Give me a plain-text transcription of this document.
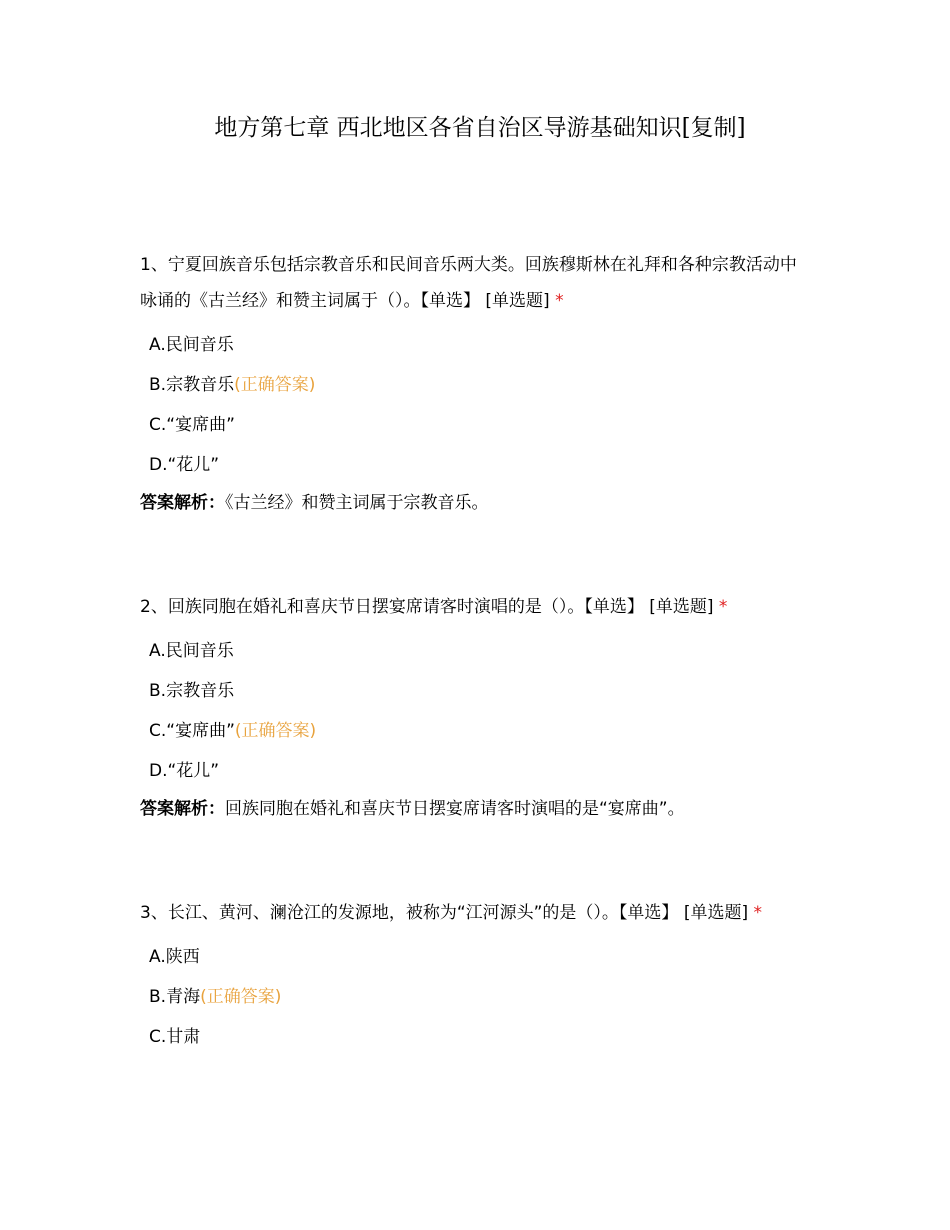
地方第七章 西北地区各省自治区导游基础知识[复制]

1、宁夏回族音乐包括宗教音乐和民间音乐两大类。回族穆斯林在礼拜和各种宗教活动中咏诵的《古兰经》和赞主词属于（）。【单选】 [单选题] *

A.民间音乐
B.宗教音乐(正确答案)
C.“宴席曲”
D.“花儿”
答案解析：《古兰经》和赞主词属于宗教音乐。

2、回族同胞在婚礼和喜庆节日摆宴席请客时演唱的是（）。【单选】 [单选题] *

A.民间音乐
B.宗教音乐
C.“宴席曲”(正确答案)
D.“花儿”
答案解析：回族同胞在婚礼和喜庆节日摆宴席请客时演唱的是“宴席曲”。

3、长江、黄河、澜沧江的发源地，被称为“江河源头”的是（）。【单选】 [单选题] *

A.陕西
B.青海(正确答案)
C.甘肃
